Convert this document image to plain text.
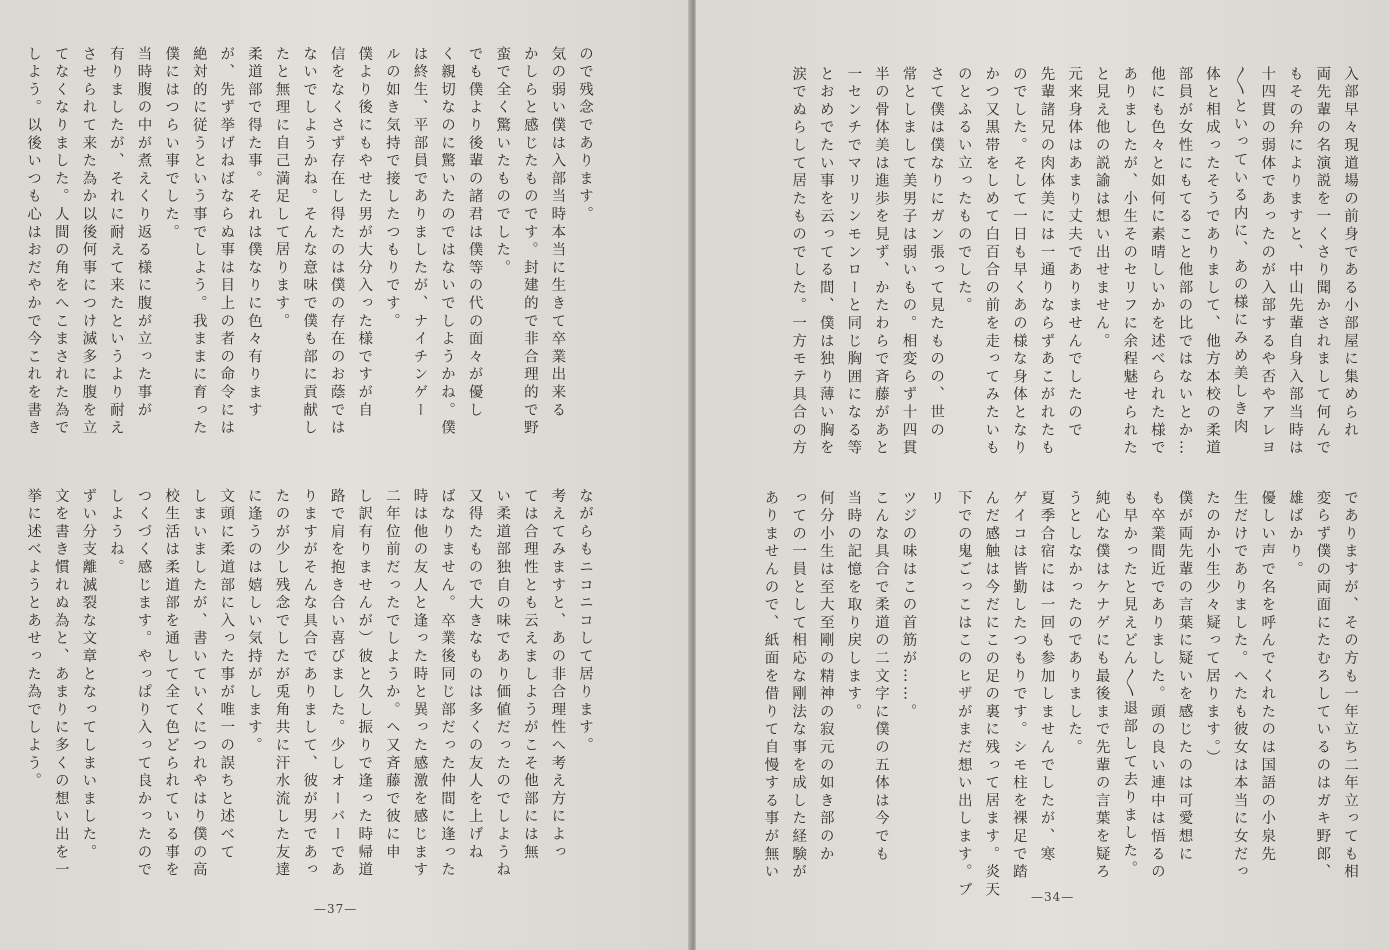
ので残念であります。
気の弱い僕は入部当時本当に生きて卒業出来る
かしらと感じたものです。封建的で非合理的で野
蛮で全く驚いたものでした。
でも僕より後輩の諸君は僕等の代の面々が優し
く親切なのに驚いたのではないでしようかね。僕
は終生、平部員でありましたが、ナイチンゲー
ルの如き気持で接したつもりです。
僕より後にもやせた男が大分入った様ですが自
信をなくさず存在し得たのは僕の存在のお蔭では
ないでしようかね。そんな意味で僕も部に貢献し
たと無理に自己満足して居ります。
柔道部で得た事。それは僕なりに色々有ります
が、先ず挙げねばならぬ事は目上の者の命令には
絶対的に従うという事でしよう。我ままに育った
僕にはつらい事でした。
当時腹の中が煮えくり返る様に腹が立った事が
有りましたが、それに耐えて来たというより耐え
させられて来た為か以後何事につけ滅多に腹を立
てなくなりました。人間の角をへこまされた為で
しよう。以後いつも心はおだやかで今これを書き
ながらもニコニコして居ります。
考えてみますと、あの非合理性へ考え方によっ
ては合理性とも云えましようがこそ他部には無
い柔道部独自の味であり価値だったのでしようね
又得たもので大きなものは多くの友人を上げね
ばなりません。卒業後同じ部だった仲間に逢った
時は他の友人と逢った時と異った感激を感じます
二年位前だったでしようか。ヘ又斉藤で彼に申
し訳有りませんが）彼と久し振りで逢った時帰道
路で肩を抱き合い喜びました。少しオーバーであ
りますがそんな具合でありまして、彼が男であっ
たのが少し残念でしたが兎角共に汗水流した友達
に逢うのは嬉しい気持がします。
文頭に柔道部に入った事が唯一の誤ちと述べて
しまいましたが、書いていくにつれやはり僕の高
校生活は柔道部を通して全て色どられている事を
つくづく感じます。やっぱり入って良かったので
しようね。
ずい分支離滅裂な文章となってしまいました。
文を書き慣れぬ為と、あまりに多くの想い出を一
挙に述べようとあせった為でしよう。
—37—
入部早々現道場の前身である小部屋に集められ
両先輩の名演説を一くさり聞かされまして何んで
もその弁によりますと、中山先輩自身入部当時は
十四貫の弱体であったのが入部するや否やアレヨ
〳〵といっている内に、あの様にみめ美しき肉
体と相成ったそうでありまして、他方本校の柔道
部員が女性にもてること他部の比ではないとか…
他にも色々と如何に素晴しいかを述べられた様で
ありましたが、小生そのセリフに余程魅せられた
と見え他の説諭は想い出せません。
元来身体はあまり丈夫でありませんでしたので
先輩諸兄の肉体美には一通りならずあこがれたも
のでした。そして一日も早くあの様な身体となり
かつ又黒帯をしめて白百合の前を走ってみたいも
のとふるい立ったものでした。
さて僕は僕なりにガン張って見たものの、世の
常としまして美男子は弱いもの。相変らず十四貫
半の骨体美は進歩を見ず、かたわらで斉藤があと
一センチでマリリンモンローと同じ胸囲になる等
とおめでたい事を云ってる間、僕は独り薄い胸を
涙でぬらして居たものでした。一方モテ具合の方
でありますが、その方も一年立ち二年立っても相
変らず僕の両面にたむろしているのはガキ野郎、
雄ばかり。
優しい声で名を呼んでくれたのは国語の小泉先
生だけでありました。へたも彼女は本当に女だっ
たのか小生少々疑って居ります。）
僕が両先輩の言葉に疑いを感じたのは可愛想に
も卒業間近でありました。頭の良い連中は悟るの
も早かったと見えどん〳〵退部して去りました。
純心な僕はケナゲにも最後まで先輩の言葉を疑ろ
うとしなかったのでありました。
夏季合宿には一回も参加しませんでしたが、寒
ゲイコは皆勤したつもりです。シモ柱を裸足で踏
んだ感触は今だにこの足の裏に残って居ます。炎天
下での鬼ごっこはこのヒザがまだ想い出します。ブリ
ツジの味はこの首筋が……。
こんな具合で柔道の二文字に僕の五体は今でも
当時の記憶を取り戻します。
何分小生は至大至剛の精神の寂元の如き部のか
っての一員として相応な剛法な事を成した経験が
ありませんので、紙面を借りて自慢する事が無い
—34—
